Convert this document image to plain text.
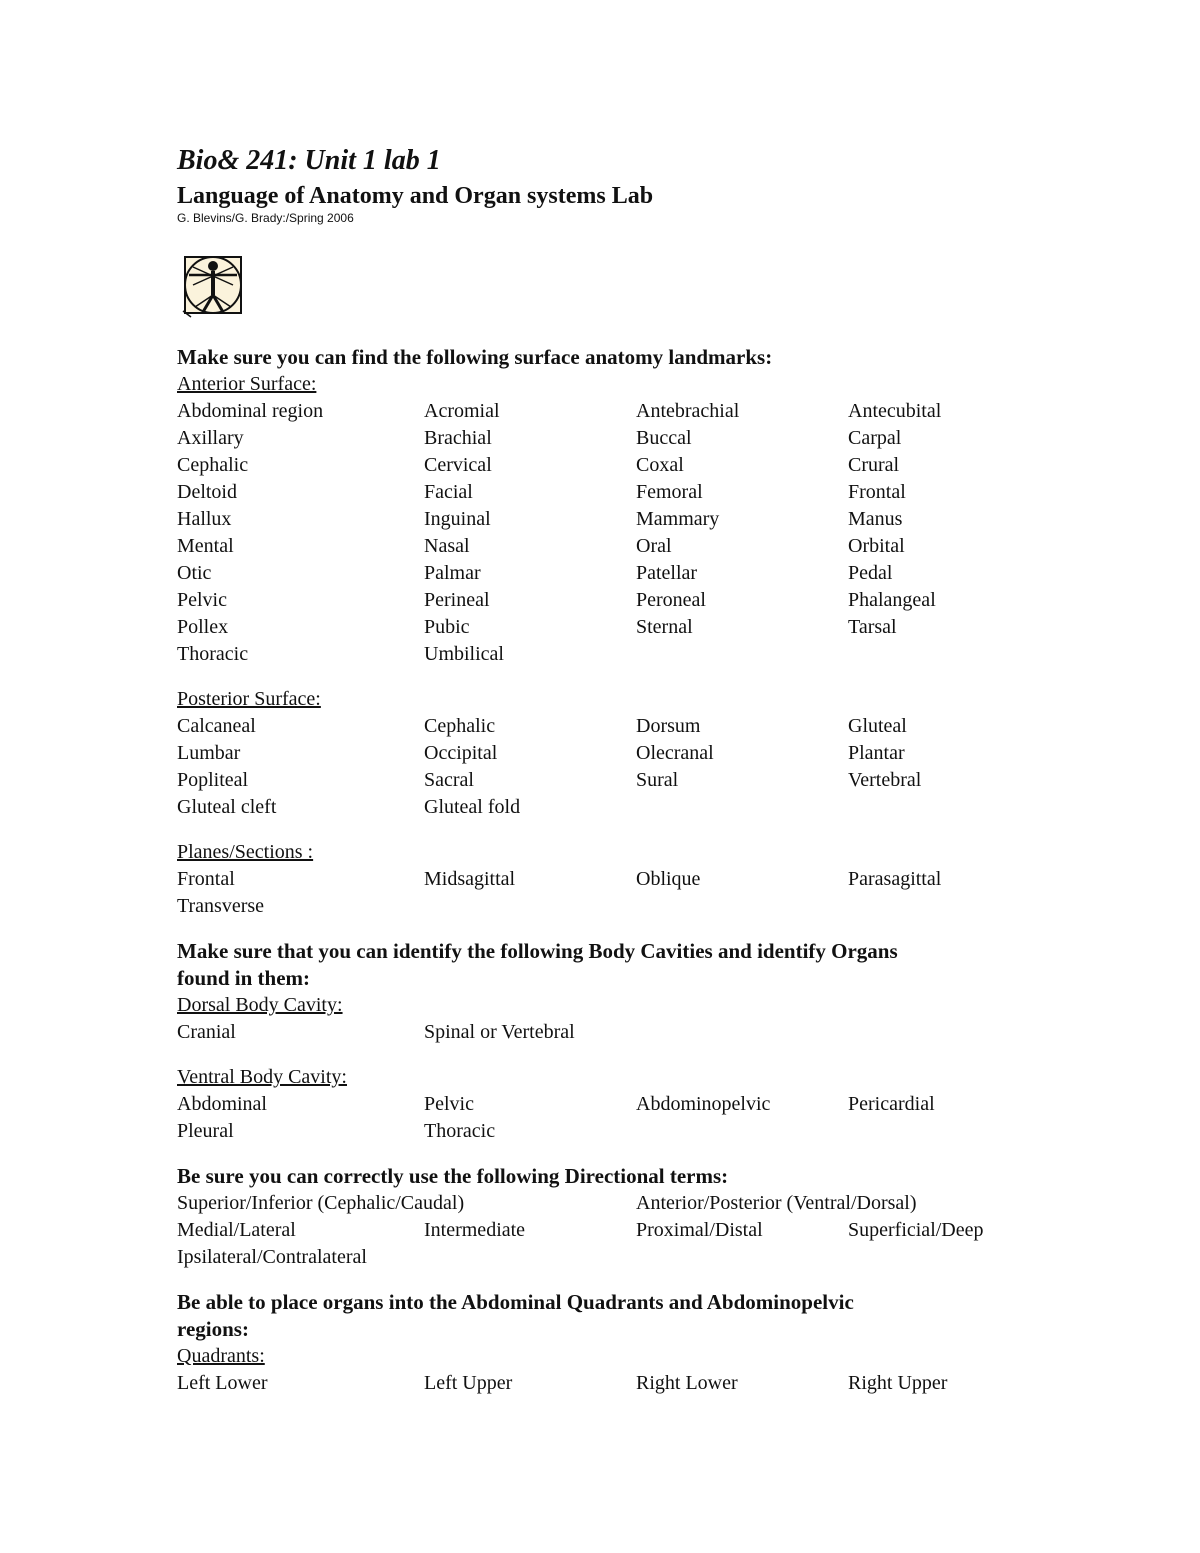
Bio& 241: Unit 1 lab 1

Language of Anatomy and Organ systems Lab

G. Blevins/G. Brady:/Spring 2006

Make sure you can find the following surface anatomy landmarks:
Anterior Surface:
Abdominal region	Acromial	Antebrachial	Antecubital
Axillary	Brachial	Buccal	Carpal
Cephalic	Cervical	Coxal	Crural
Deltoid	Facial	Femoral	Frontal
Hallux	Inguinal	Mammary	Manus
Mental	Nasal	Oral	Orbital
Otic	Palmar	Patellar	Pedal
Pelvic	Perineal	Peroneal	Phalangeal
Pollex	Pubic	Sternal	Tarsal
Thoracic	Umbilical
Posterior Surface:
Calcaneal	Cephalic	Dorsum	Gluteal
Lumbar	Occipital	Olecranal	Plantar
Popliteal	Sacral	Sural	Vertebral
Gluteal cleft	Gluteal fold
Planes/Sections :
Frontal	Midsagittal	Oblique	Parasagittal
Transverse
Make sure that you can identify the following Body Cavities and identify Organs
found in them:
Dorsal Body Cavity:
Cranial	Spinal or Vertebral
Ventral Body Cavity:
Abdominal	Pelvic	Abdominopelvic	Pericardial
Pleural	Thoracic
Be sure you can correctly use the following Directional terms:
Superior/Inferior (Cephalic/Caudal)	Anterior/Posterior (Ventral/Dorsal)
Medial/Lateral	Intermediate	Proximal/Distal	Superficial/Deep
Ipsilateral/Contralateral
Be able to place organs into the Abdominal Quadrants and Abdominopelvic
regions:
Quadrants:
Left Lower	Left Upper	Right Lower	Right Upper
